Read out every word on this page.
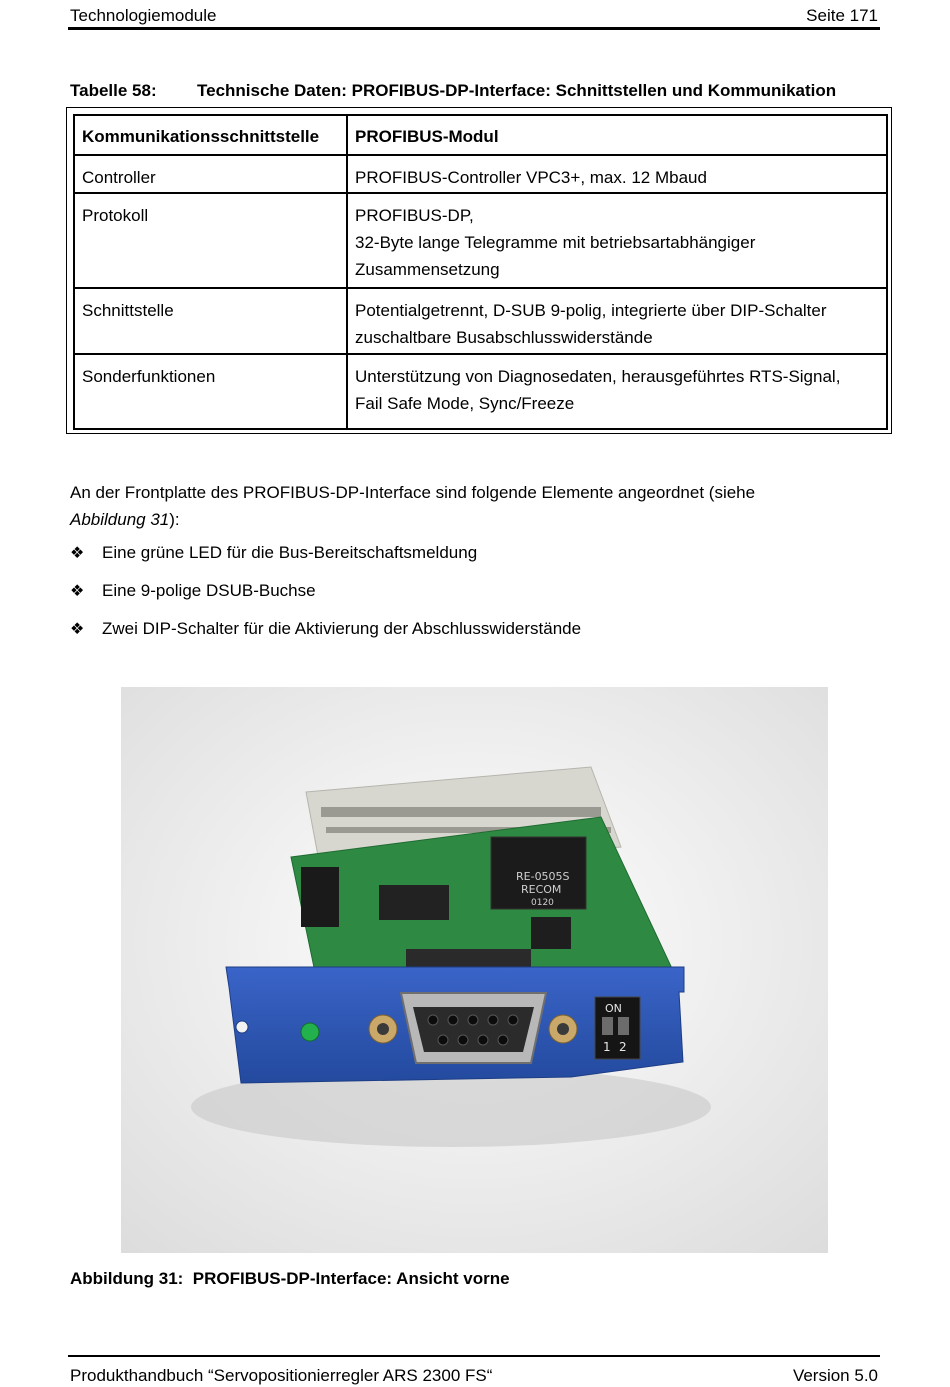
Technologiemodule	Seite 171
Tabelle 58: Technische Daten: PROFIBUS-DP-Interface: Schnittstellen und Kommunikation
Kommunikationsschnittstelle	PROFIBUS-Modul
Controller	PROFIBUS-Controller VPC3+, max. 12 Mbaud

Protokoll	PROFIBUS-DP,
32-Byte lange Telegramme mit betriebsartabhängiger
Zusammensetzung

Schnittstelle	Potentialgetrennt, D-SUB 9-polig, integrierte über DIP-Schalter
zuschaltbare Busabschlusswiderstände

Sonderfunktionen	Unterstützung von Diagnosedaten, herausgeführtes RTS-Signal,
Fail Safe Mode, Sync/Freeze
An der Frontplatte des PROFIBUS-DP-Interface sind folgende Elemente angeordnet (siehe
Abbildung 31):
❖ Eine grüne LED für die Bus-Bereitschaftsmeldung
❖ Eine 9-polige DSUB-Buchse
❖ Zwei DIP-Schalter für die Aktivierung der Abschlusswiderstände
RE-0505S
RECOM
0120
ON
1 2
Abbildung 31: PROFIBUS-DP-Interface: Ansicht vorne
Produkthandbuch “Servopositionierregler ARS 2300 FS“	Version 5.0
